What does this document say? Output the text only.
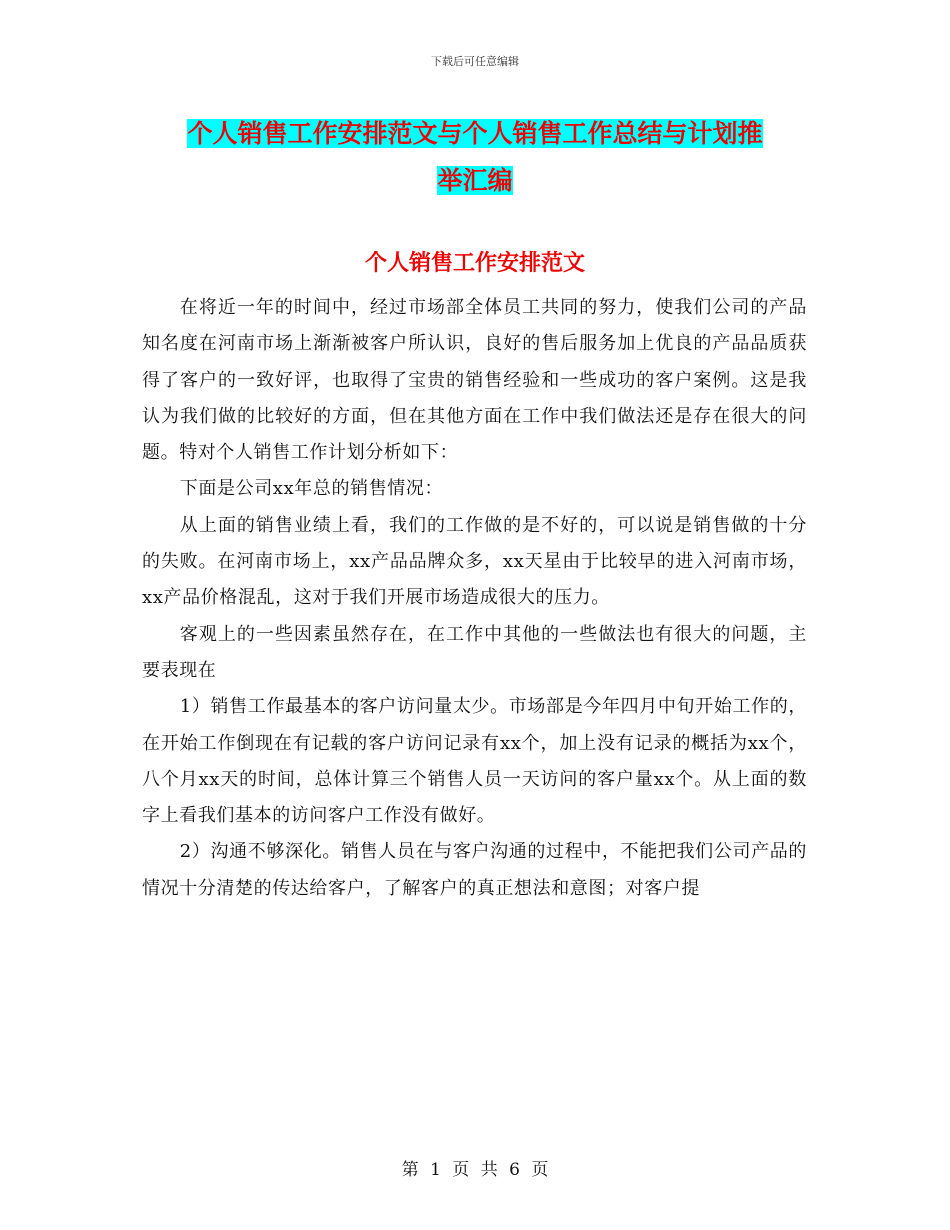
下载后可任意编辑
个人销售工作安排范文与个人销售工作总结与计划推
举汇编
个人销售工作安排范文

在将近一年的时间中，经过市场部全体员工共同的努力，使我们公司的产品知名度在河南市场上渐渐被客户所认识，良好的售后服务加上优良的产品品质获得了客户的一致好评，也取得了宝贵的销售经验和一些成功的客户案例。这是我认为我们做的比较好的方面，但在其他方面在工作中我们做法还是存在很大的问题。特对个人销售工作计划分析如下：

下面是公司xx年总的销售情况：

从上面的销售业绩上看，我们的工作做的是不好的，可以说是销售做的十分的失败。在河南市场上，xx产品品牌众多，xx天星由于比较早的进入河南市场，xx产品价格混乱，这对于我们开展市场造成很大的压力。

客观上的一些因素虽然存在，在工作中其他的一些做法也有很大的问题，主要表现在

1）销售工作最基本的客户访问量太少。市场部是今年四月中旬开始工作的，在开始工作倒现在有记载的客户访问记录有xx个，加上没有记录的概括为xx个，八个月xx天的时间，总体计算三个销售人员一天访问的客户量xx个。从上面的数字上看我们基本的访问客户工作没有做好。

2）沟通不够深化。销售人员在与客户沟通的过程中，不能把我们公司产品的情况十分清楚的传达给客户，了解客户的真正想法和意图；对客户提

第 1 页 共 6 页
